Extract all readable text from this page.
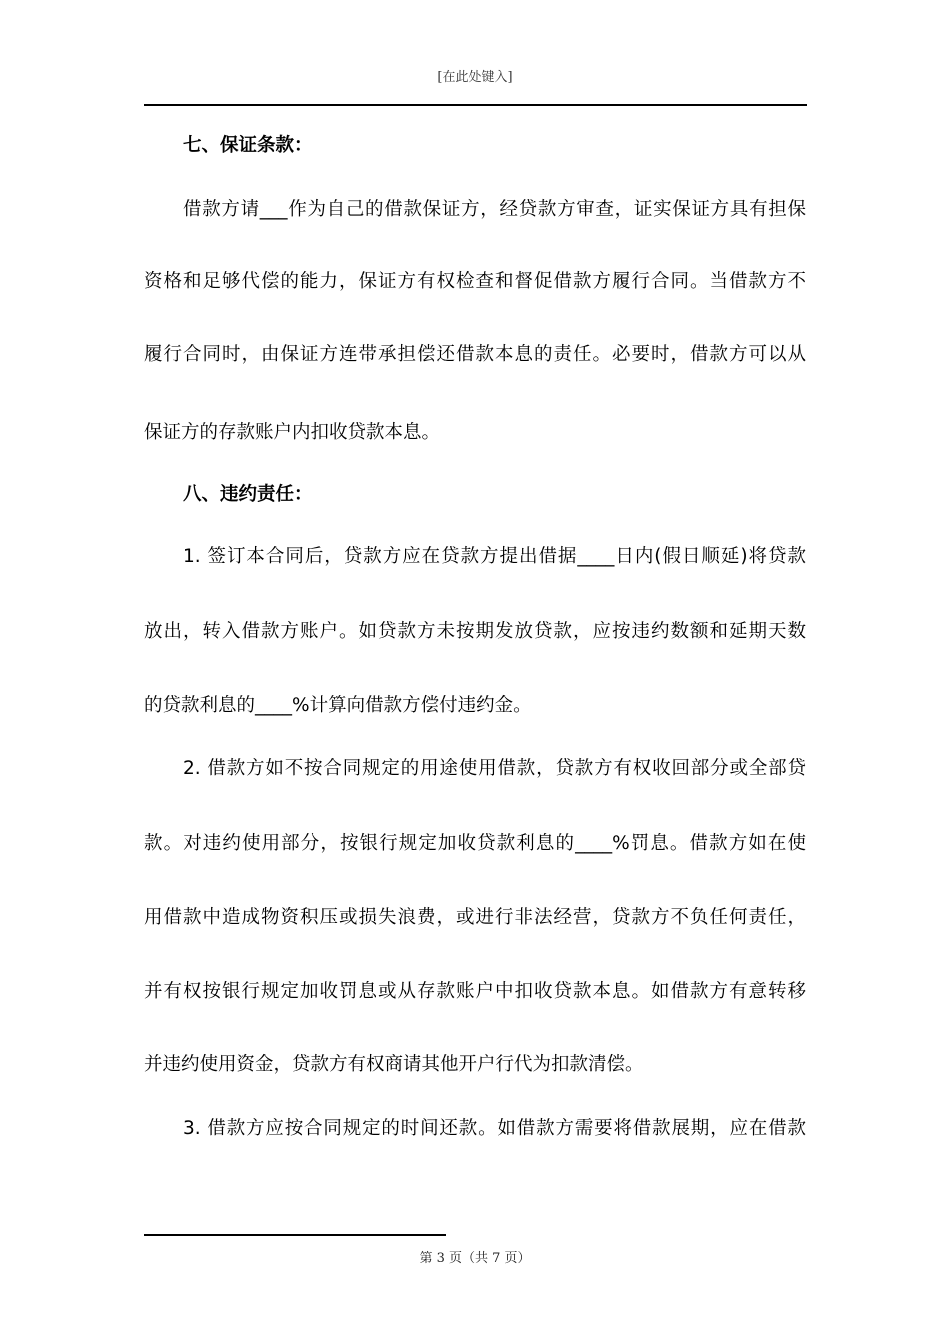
[在此处键入]
七、保证条款：
借款方请___作为自己的借款保证方，经贷款方审查，证实保证方具有担保
资格和足够代偿的能力，保证方有权检查和督促借款方履行合同。当借款方不
履行合同时，由保证方连带承担偿还借款本息的责任。必要时，借款方可以从
保证方的存款账户内扣收贷款本息。
八、违约责任：
1. 签订本合同后，贷款方应在贷款方提出借据____日内(假日顺延)将贷款
放出，转入借款方账户。如贷款方未按期发放贷款，应按违约数额和延期天数
的贷款利息的____%计算向借款方偿付违约金。
2. 借款方如不按合同规定的用途使用借款，贷款方有权收回部分或全部贷
款。对违约使用部分，按银行规定加收贷款利息的____%罚息。借款方如在使
用借款中造成物资积压或损失浪费，或进行非法经营，贷款方不负任何责任，
并有权按银行规定加收罚息或从存款账户中扣收贷款本息。如借款方有意转移
并违约使用资金，贷款方有权商请其他开户行代为扣款清偿。
3. 借款方应按合同规定的时间还款。如借款方需要将借款展期，应在借款
第 3 页（共 7 页）
